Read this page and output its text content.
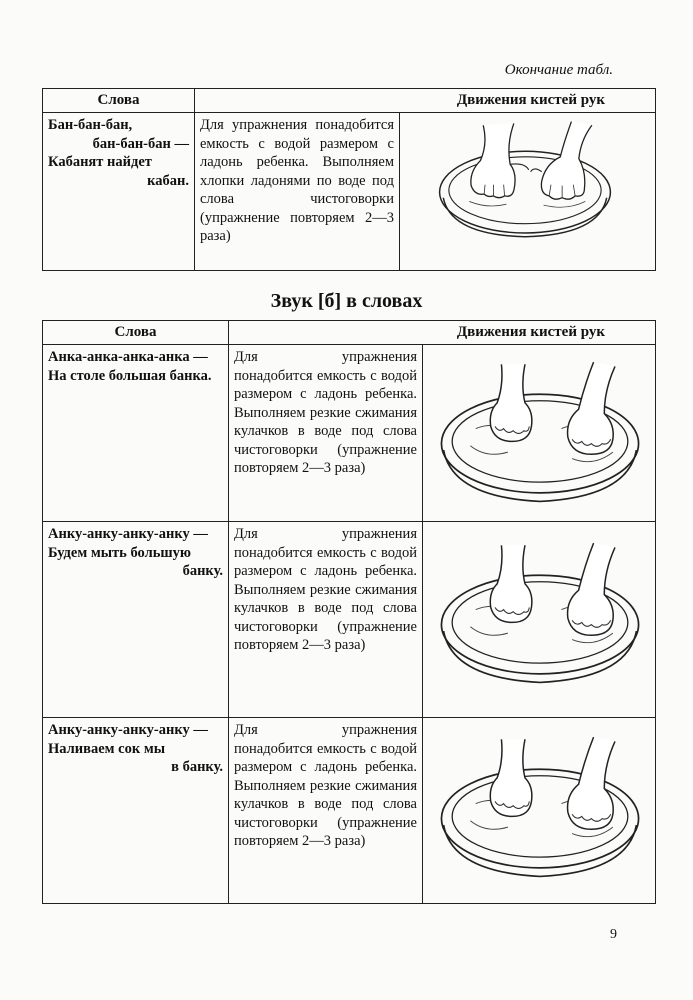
Окончание табл.
Слова	Движения кистей рук	

Бан-бан-бан,
бан-бан-бан —
Кабанят найдет
кабан.	Для упражнения понадобится емкость с водой размером с ладонь ребенка. Выполняем хлопки ладонями по воде под слова чистоговорки (упражнение повторяем 2—3 раза)	
Звук [б] в словах
Слова	Движения кистей рук	

Анка-анка-анка-анка —
На столе большая банка.	Для упражнения понадобится емкость с водой размером с ладонь ребенка. Выполняем резкие сжимания кулачков в воде под слова чистоговорки (упражнение повторяем 2—3 раза)	

Анку-анку-анку-анку —
Будем мыть большую
банку.	Для упражнения понадобится емкость с водой размером с ладонь ребенка. Выполняем резкие сжимания кулачков в воде под слова чистоговорки (упражнение повторяем 2—3 раза)	

Анку-анку-анку-анку —
Наливаем сок мы
в банку.	Для упражнения понадобится емкость с водой размером с ладонь ребенка. Выполняем резкие сжимания кулачков в воде под слова чистоговорки (упражнение повторяем 2—3 раза)	
9
